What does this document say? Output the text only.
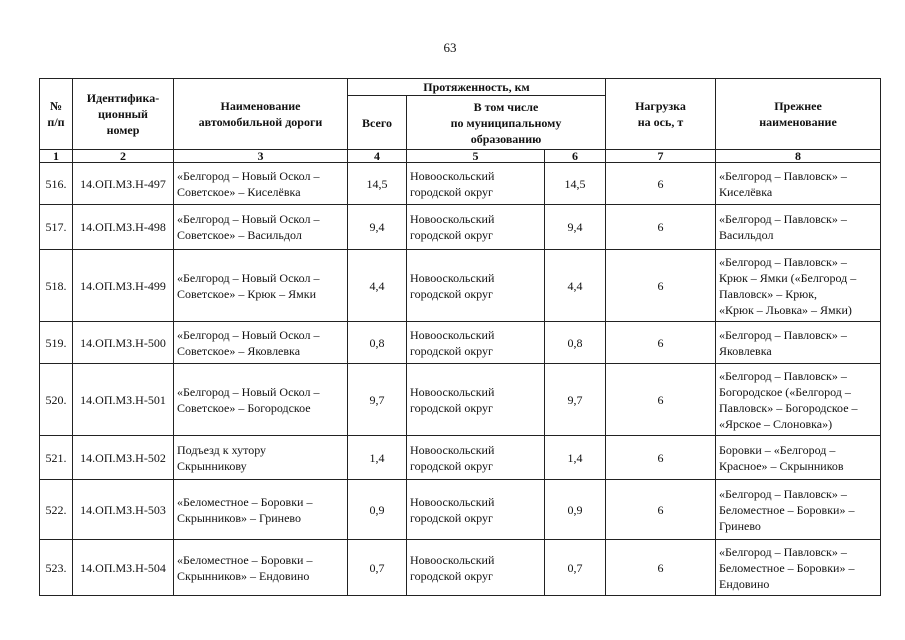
63
№
п/п	Идентифика-
ционный
номер	Наименование
автомобильной дороги	Протяженность, км			Нагрузка
на ось, т	Прежнее
наименование
			Всего	В том числе
по муниципальному
образованию			
1	2	3	4	5	6	7	8
516.	14.ОП.МЗ.Н-497	«Белгород – Новый Оскол –
Советское» – Киселёвка	14,5	Новооскольский
городской округ	14,5	6	«Белгород – Павловск» –
Киселёвка
517.	14.ОП.МЗ.Н-498	«Белгород – Новый Оскол –
Советское» – Васильдол	9,4	Новооскольский
городской округ	9,4	6	«Белгород – Павловск» –
Васильдол
518.	14.ОП.МЗ.Н-499	«Белгород – Новый Оскол –
Советское» – Крюк – Ямки	4,4	Новооскольский
городской округ	4,4	6	«Белгород – Павловск» –
Крюк – Ямки («Белгород –
Павловск» – Крюк,
«Крюк – Льовка» – Ямки)
519.	14.ОП.МЗ.Н-500	«Белгород – Новый Оскол –
Советское» – Яковлевка	0,8	Новооскольский
городской округ	0,8	6	«Белгород – Павловск» –
Яковлевка
520.	14.ОП.МЗ.Н-501	«Белгород – Новый Оскол –
Советское» – Богородское	9,7	Новооскольский
городской округ	9,7	6	«Белгород – Павловск» –
Богородское («Белгород –
Павловск» – Богородское –
«Ярское – Слоновка»)
521.	14.ОП.МЗ.Н-502	Подъезд к хутору
Скрынникову	1,4	Новооскольский
городской округ	1,4	6	Боровки – «Белгород –
Красное» – Скрынников
522.	14.ОП.МЗ.Н-503	«Беломестное – Боровки –
Скрынников» – Гринево	0,9	Новооскольский
городской округ	0,9	6	«Белгород – Павловск» –
Беломестное – Боровки» –
Гринево
523.	14.ОП.МЗ.Н-504	«Беломестное – Боровки –
Скрынников» – Ендовино	0,7	Новооскольский
городской округ	0,7	6	«Белгород – Павловск» –
Беломестное – Боровки» –
Ендовино
